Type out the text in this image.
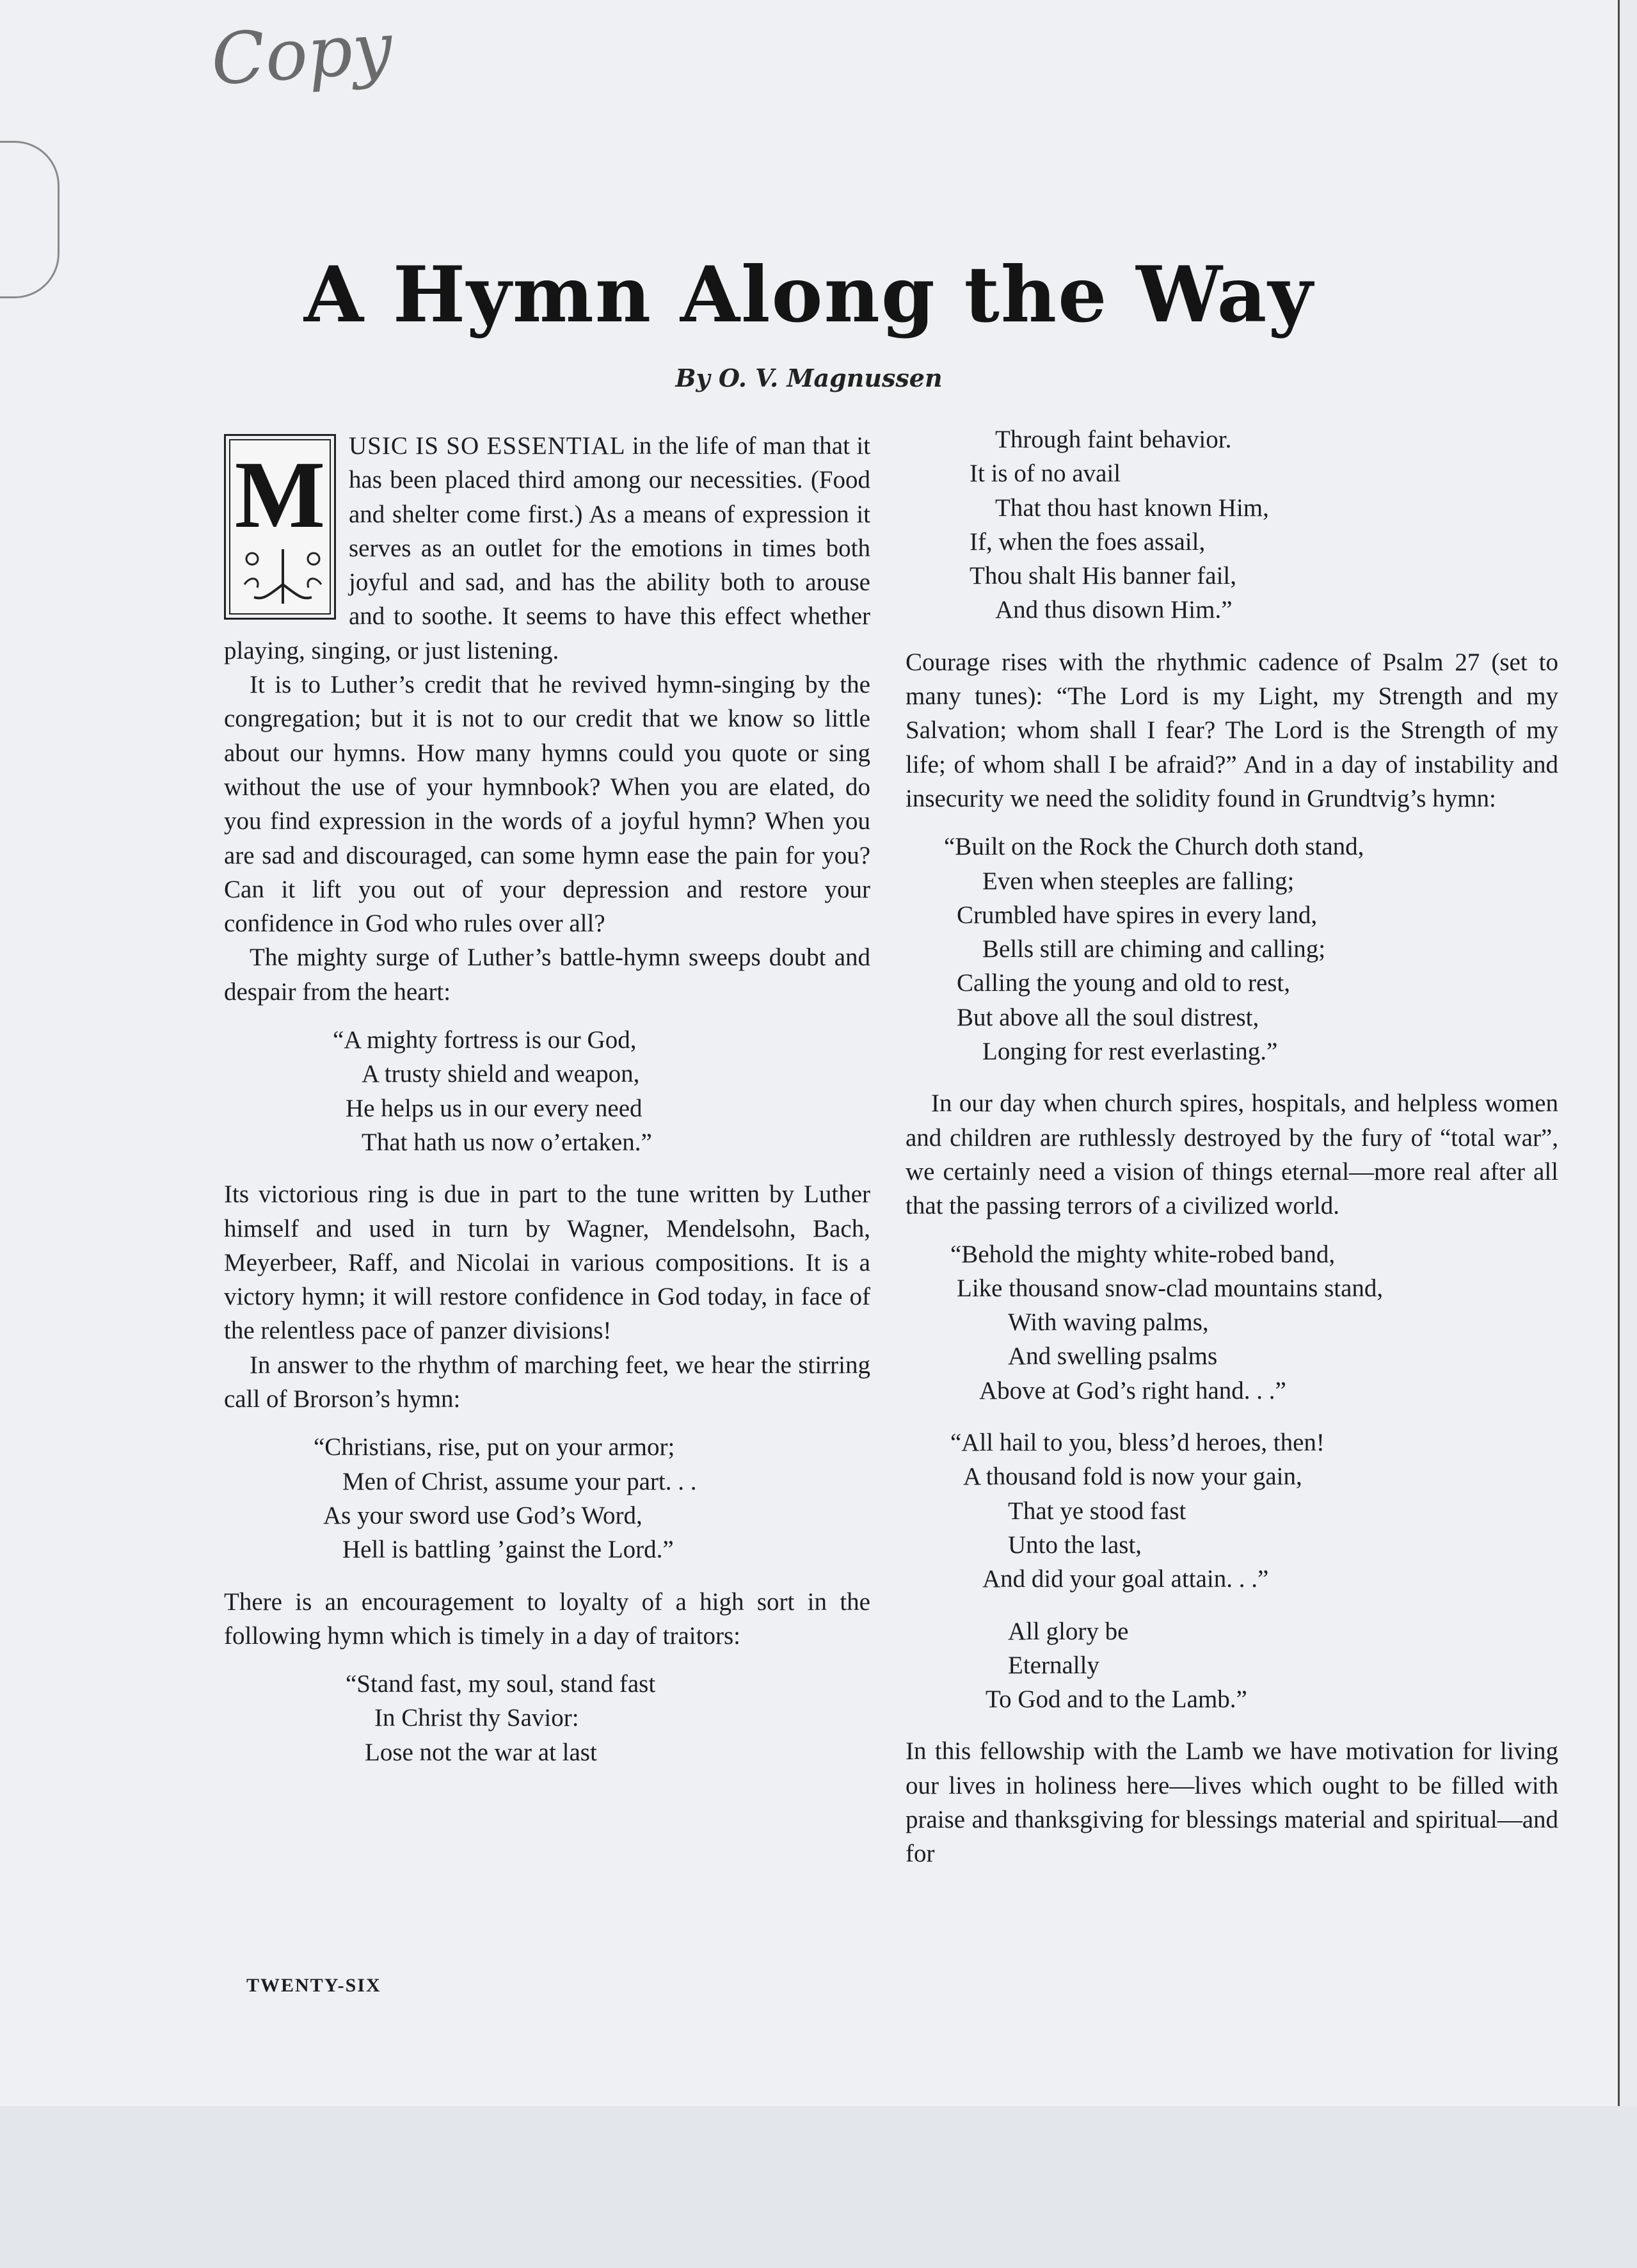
Copy
A Hymn Along the Way
By O. V. Magnussen

M USIC IS SO ESSENTIAL in the life of man that it has been placed third among our necessities. (Food and shelter come first.) As a means of expression it serves as an outlet for the emotions in times both joyful and sad, and has the ability both to arouse and to soothe. It seems to have this effect whether playing, singing, or just listening.

It is to Luther’s credit that he revived hymn-singing by the congregation; but it is not to our credit that we know so little about our hymns. How many hymns could you quote or sing without the use of your hymnbook? When you are elated, do you find expression in the words of a joyful hymn? When you are sad and discouraged, can some hymn ease the pain for you? Can it lift you out of your depression and restore your confidence in God who rules over all?

The mighty surge of Luther’s battle-hymn sweeps doubt and despair from the heart:

“A mighty fortress is our God,
A trusty shield and weapon,
He helps us in our every need
That hath us now o’ertaken.”

Its victorious ring is due in part to the tune written by Luther himself and used in turn by Wagner, Mendelsohn, Bach, Meyerbeer, Raff, and Nicolai in various compositions. It is a victory hymn; it will restore confidence in God today, in face of the relentless pace of panzer divisions!

In answer to the rhythm of marching feet, we hear the stirring call of Brorson’s hymn:

“Christians, rise, put on your armor;
Men of Christ, assume your part. . .
As your sword use God’s Word,
Hell is battling ’gainst the Lord.”

There is an encouragement to loyalty of a high sort in the following hymn which is timely in a day of traitors:

“Stand fast, my soul, stand fast
In Christ thy Savior:
Lose not the war at last
Through faint behavior.
It is of no avail
That thou hast known Him,
If, when the foes assail,
Thou shalt His banner fail,
And thus disown Him.”

Courage rises with the rhythmic cadence of Psalm 27 (set to many tunes): “The Lord is my Light, my Strength and my Salvation; whom shall I fear? The Lord is the Strength of my life; of whom shall I be afraid?” And in a day of instability and insecurity we need the solidity found in Grundtvig’s hymn:

“Built on the Rock the Church doth stand,
Even when steeples are falling;
Crumbled have spires in every land,
Bells still are chiming and calling;
Calling the young and old to rest,
But above all the soul distrest,
Longing for rest everlasting.”

In our day when church spires, hospitals, and helpless women and children are ruthlessly destroyed by the fury of “total war”, we certainly need a vision of things eternal—more real after all that the passing terrors of a civilized world.

“Behold the mighty white-robed band,
Like thousand snow-clad mountains stand,
With waving palms,
And swelling psalms
Above at God’s right hand. . .”
“All hail to you, bless’d heroes, then!
A thousand fold is now your gain,
That ye stood fast
Unto the last,
And did your goal attain. . .”
All glory be
Eternally
To God and to the Lamb.”

In this fellowship with the Lamb we have motivation for living our lives in holiness here—lives which ought to be filled with praise and thanksgiving for blessings material and spiritual—and for

TWENTY-SIX
